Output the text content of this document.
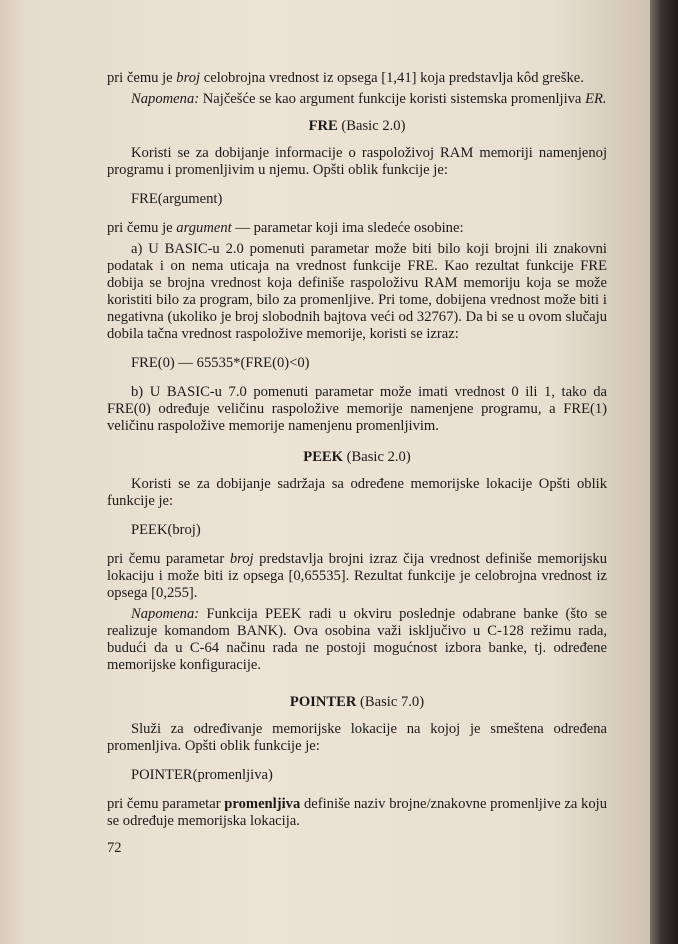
pri čemu je broj celobrojna vrednost iz opsega [1,41] koja predstavlja kôd greške.

Napomena: Najčešće se kao argument funkcije koristi sistemska promenljiva ER.

FRE (Basic 2.0)

Koristi se za dobijanje informacije o raspoloživoj RAM memoriji namenjenoj programu i promenljivim u njemu. Opšti oblik funkcije je:

FRE(argument)

pri čemu je argument — parametar koji ima sledeće osobine:

a) U BASIC-u 2.0 pomenuti parametar može biti bilo koji brojni ili znakovni podatak i on nema uticaja na vrednost funkcije FRE. Kao rezultat funkcije FRE dobija se brojna vrednost koja definiše raspoloživu RAM memoriju koja se može koristiti bilo za program, bilo za promenljive. Pri tome, dobijena vrednost može biti i negativna (ukoliko je broj slobodnih bajtova veći od 32767). Da bi se u ovom slučaju dobila tačna vrednost raspoložive memorije, koristi se izraz:

FRE(0) — 65535*(FRE(0)<0)

b) U BASIC-u 7.0 pomenuti parametar može imati vrednost 0 ili 1, tako da FRE(0) određuje veličinu raspoložive memorije namenjene programu, a FRE(1) veličinu raspoložive memorije namenjenu promenljivim.

PEEK (Basic 2.0)

Koristi se za dobijanje sadržaja sa određene memorijske lokacije Opšti oblik funkcije je:

PEEK(broj)

pri čemu parametar broj predstavlja brojni izraz čija vrednost definiše memorijsku lokaciju i može biti iz opsega [0,65535]. Rezultat funkcije je celobrojna vrednost iz opsega [0,255].

Napomena: Funkcija PEEK radi u okviru poslednje odabrane banke (što se realizuje komandom BANK). Ova osobina važi isključivo u C-128 režimu rada, budući da u C-64 načinu rada ne postoji mogućnost izbora banke, tj. određene memorijske konfiguracije.

POINTER (Basic 7.0)

Služi za određivanje memorijske lokacije na kojoj je smeštena određena promenljiva. Opšti oblik funkcije je:

POINTER(promenljiva)

pri čemu parametar promenljiva definiše naziv brojne/znakovne promenljive za koju se određuje memorijska lokacija.

72
